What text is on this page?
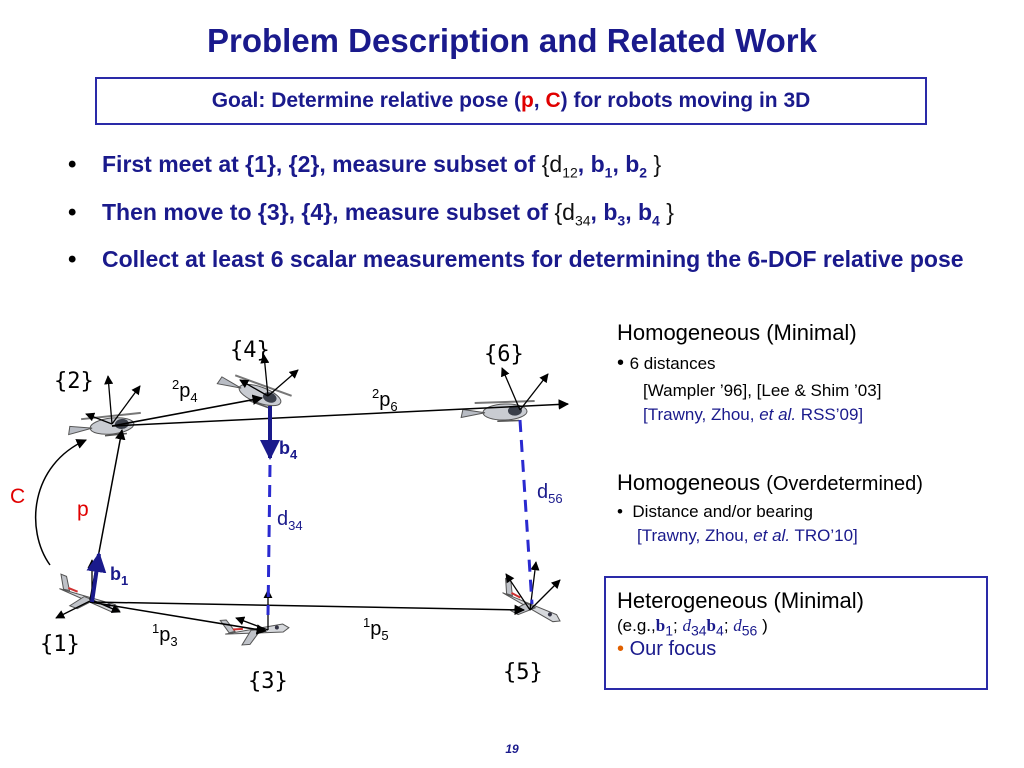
Problem Description and Related Work
Goal: Determine relative pose (p, C) for robots moving in 3D
• First meet at {1}, {2}, measure subset of {$d_{12}$, $b_1$, $b_2$ }
• Then move to {3}, {4}, measure subset of {$d_{34}$, $b_3$, $b_4$ }
• Collect at least 6 scalar measurements for determining the 6-DOF relative pose
Homogeneous (Minimal)
• 6 distances
[Wampler ’96], [Lee & Shim ’03]
[Trawny, Zhou, et al. RSS’09]
Homogeneous (Overdetermined)
•  Distance and/or bearing
[Trawny, Zhou, et al. TRO’10]
Heterogeneous (Minimal)
($e.g.,b_1$; $d_{34}b_4$; $d_{56}$ )
• Our focus
{2}
{4}	{6}
{1}
{3}	{5}
$^2p_4$	$^2p_6$
$^1p_3$
$^1p_5$
C
p
$b_1$
$b_4$
$d_{34}$
$d_{56}$
19
